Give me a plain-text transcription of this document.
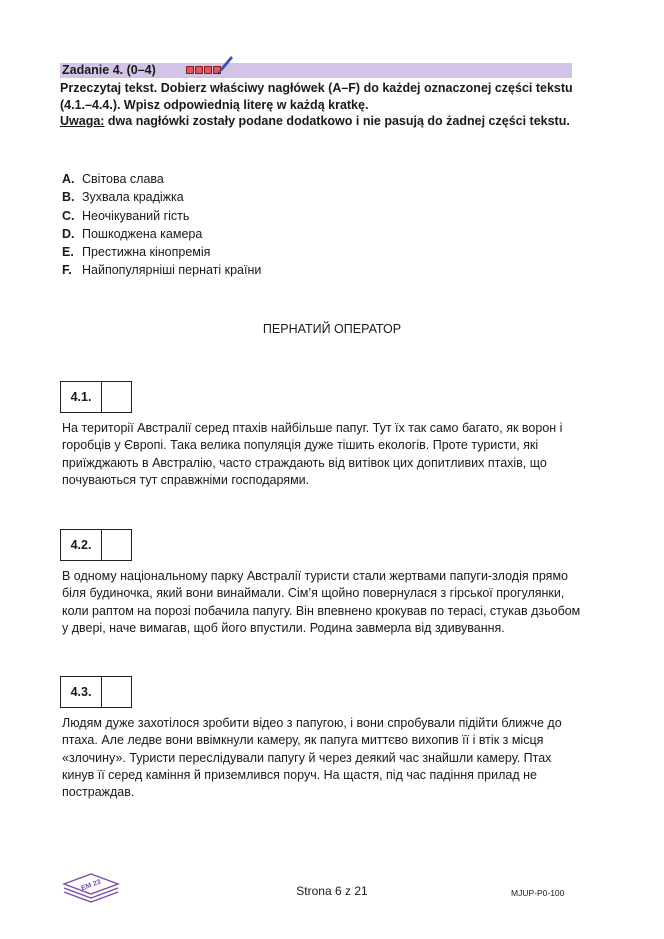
Zadanie 4. (0–4)
Przeczytaj tekst. Dobierz właściwy nagłówek (A–F) do każdej oznaczonej części tekstu (4.1.–4.4.). Wpisz odpowiednią literę w każdą kratkę.
Uwaga: dwa nagłówki zostały podane dodatkowo i nie pasują do żadnej części tekstu.
A. Світова слава
B. Зухвала крадіжка
C. Неочікуваний гість
D. Пошкоджена камера
E. Престижна кінопремія
F. Найпопулярніші пернаті країни
ПЕРНАТИЙ ОПЕРАТОР
4.1.
На території Австралії серед птахів найбільше папуг. Тут їх так само багато, як ворон і горобців у Європі. Така велика популяція дуже тішить екологів. Проте туристи, які приїжджають в Австралію, часто страждають від витівок цих допитливих птахів, що почуваються тут справжніми господарями.
4.2.
В одному національному парку Австралії туристи стали жертвами папуги-злодія прямо біля будиночка, який вони винаймали. Сім’я щойно повернулася з гірської прогулянки, коли раптом на порозі побачила папугу. Він впевнено крокував по терасі, стукав дзьобом у двері, наче вимагав, щоб його впустили. Родина завмерла від здивування.
4.3.
Людям дуже захотілося зробити відео з папугою, і вони спробували підійти ближче до птаха. Але ледве вони ввімкнули камеру, як папуга миттєво вихопив її і втік з місця «злочину». Туристи переслідували папугу й через деякий час знайшли камеру. Птах кинув її серед каміння й приземлився поруч. На щастя, під час падіння прилад не постраждав.
EM 23	Strona 6 z 21	MJUP-P0-100
